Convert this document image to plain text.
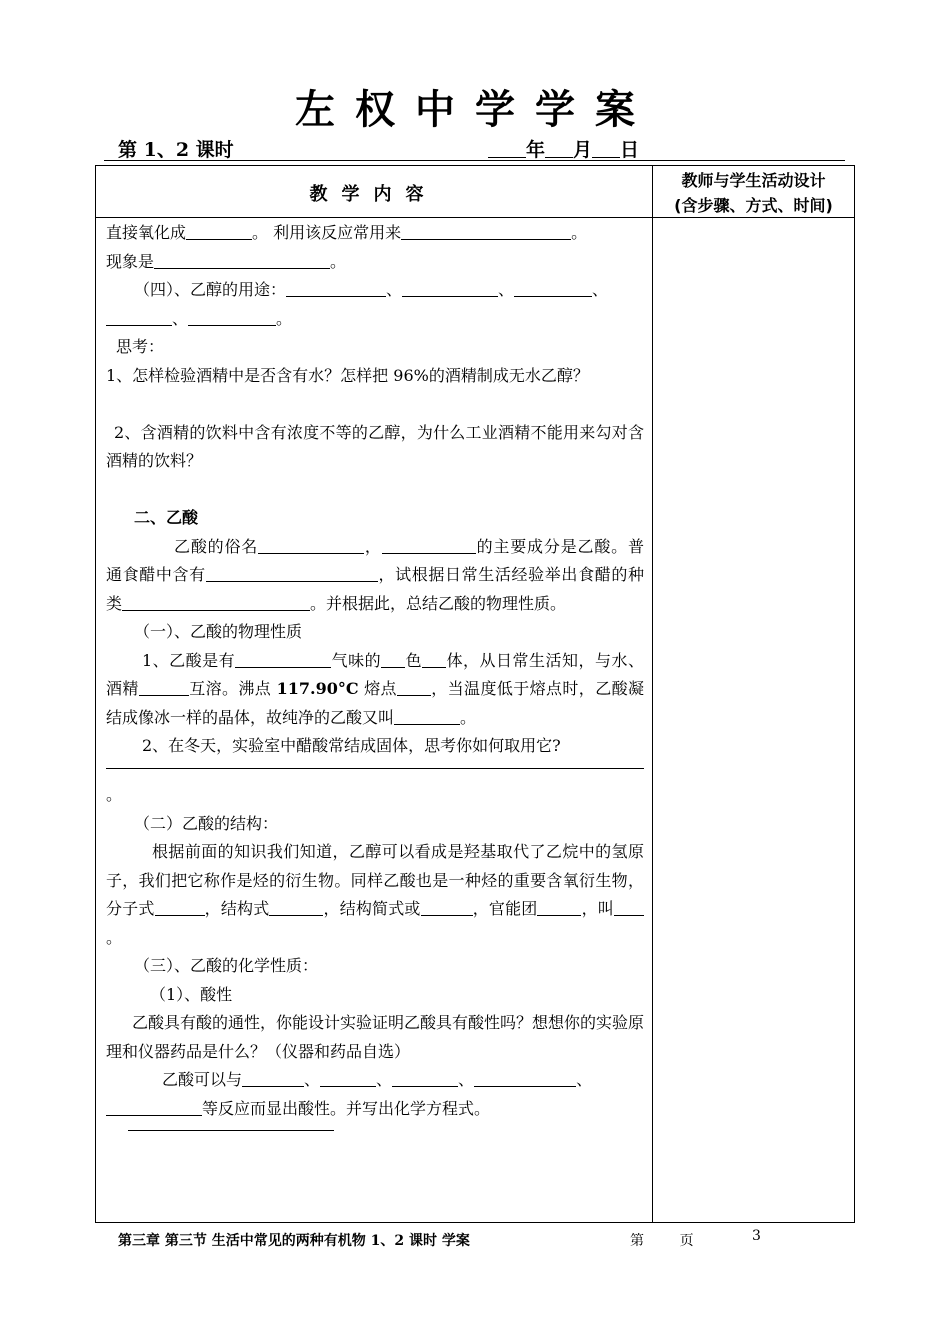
左权中学学案
第 1、2 课时	年 月 日
教学内容
教师与学生活动设计
(含步骤、方式、时间)

直接氧化成	。 利用该反应常用来	。

现象是	。

（四）、乙醇的用途：	、	、	、
、	。

思考：

1、怎样检验酒精中是否含有水？怎样把 96%的酒精制成无水乙醇？

2、含酒精的饮料中含有浓度不等的乙醇，为什么工业酒精不能用来勾对含酒精的饮料？

二、乙酸

乙酸的俗名	，	的主要成分是乙酸。普通食醋中含有	，试根据日常生活经验举出食醋的种类	。并根据此，总结乙酸的物理性质。

（一）、乙酸的物理性质

1、乙酸是有	气味的 色 体，从日常生活知，与水、酒精	互溶。沸点 117.90°C 熔点 ，当温度低于熔点时，乙酸凝结成像冰一样的晶体，故纯净的乙酸又叫	。

2、在冬天，实验室中醋酸常结成固体，思考你如何取用它?

。

（二）乙酸的结构：

根据前面的知识我们知道，乙醇可以看成是羟基取代了乙烷中的氢原子，我们把它称作是烃的衍生物。同样乙酸也是一种烃的重要含氧衍生物，分子式	，结构式	，结构简式或	，官能团	，叫。

（三）、乙酸的化学性质：

（1）、酸性

乙酸具有酸的通性，你能设计实验证明乙酸具有酸性吗？想想你的实验原理和仪器药品是什么？（仪器和药品自选）

乙酸可以与	、	、	、	、
等反应而显出酸性。并写出化学方程式。

第三章 第三节 生活中常见的两种有机物 1、2 课时 学案	第        页	3
